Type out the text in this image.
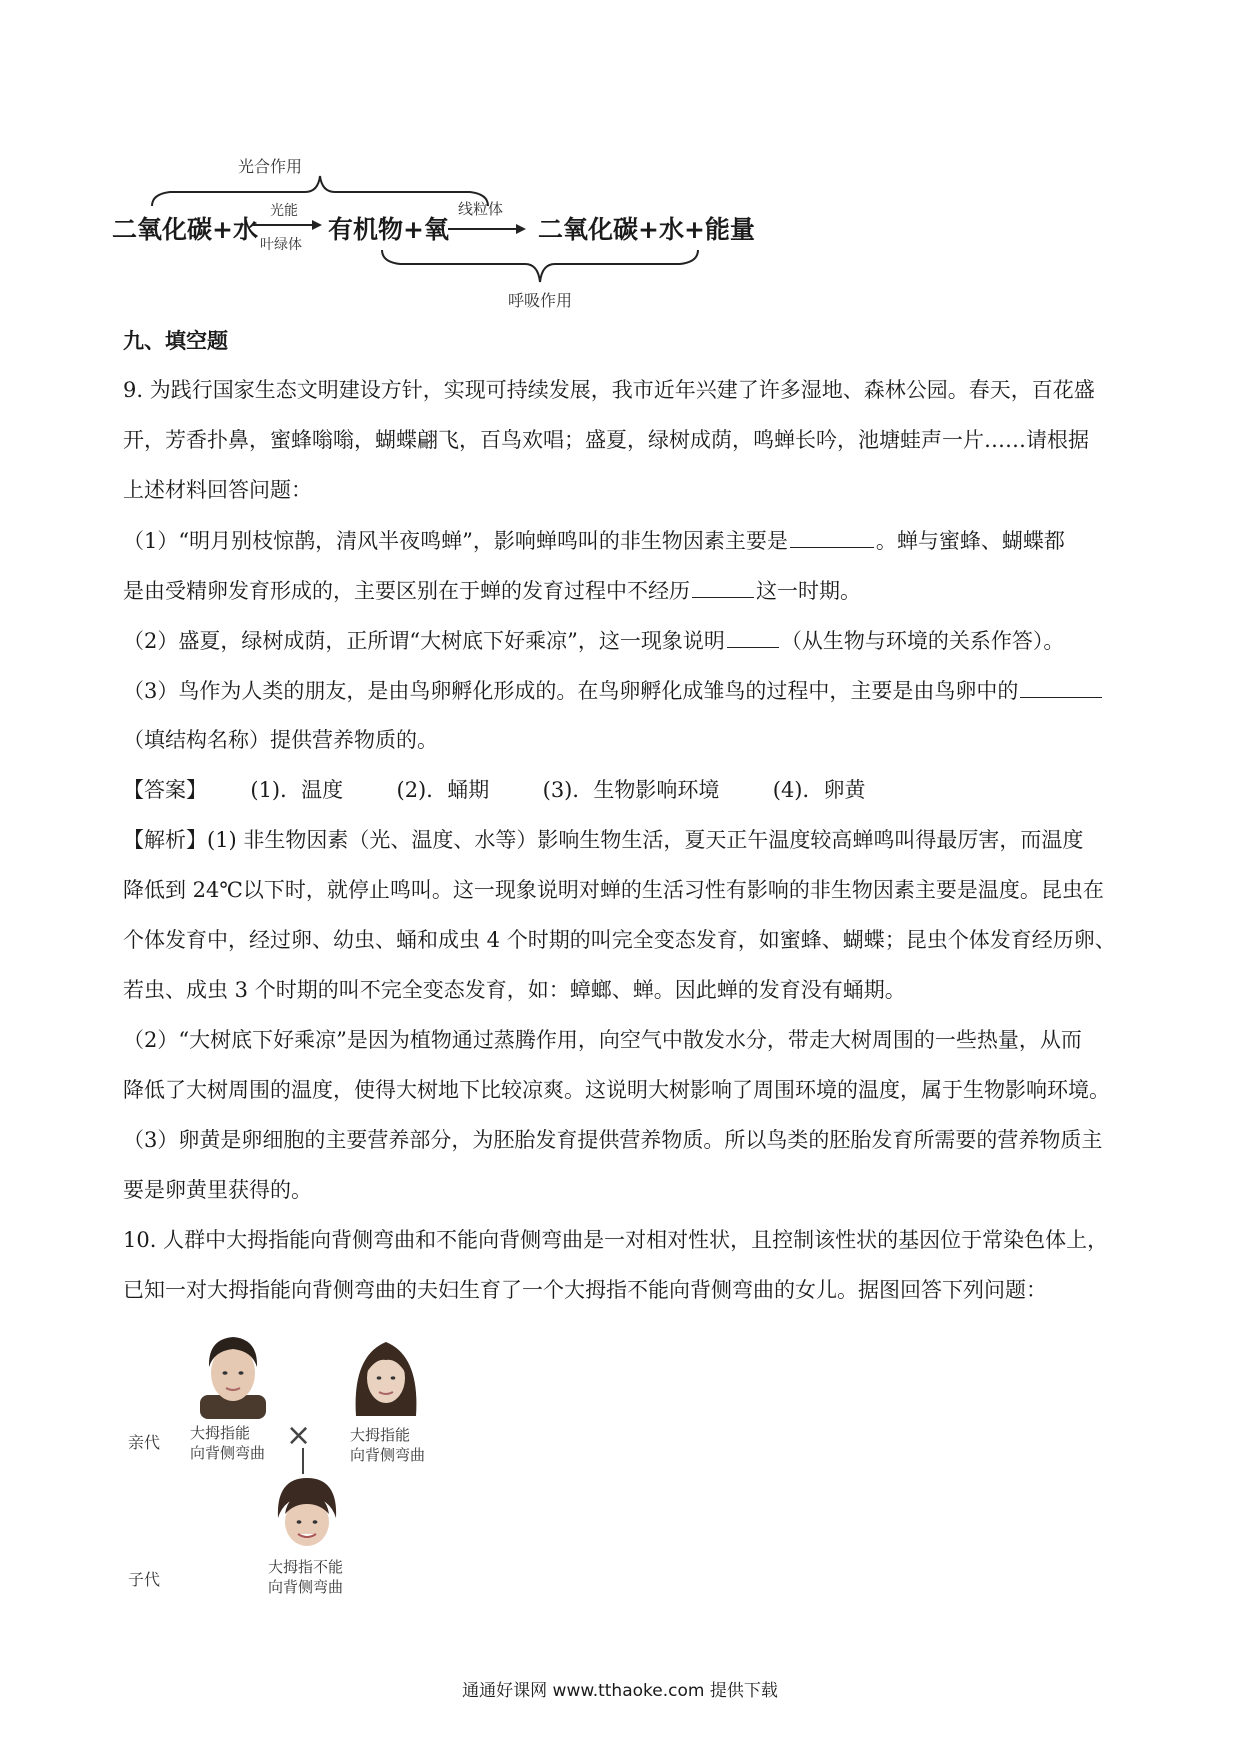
光合作用
二氧化碳+水
光能
叶绿体
有机物+氧
线粒体
二氧化碳+水+能量
呼吸作用
九、填空题
9. 为践行国家生态文明建设方针，实现可持续发展，我市近年兴建了许多湿地、森林公园。春天，百花盛
开，芳香扑鼻，蜜蜂嗡嗡，蝴蝶翩飞，百鸟欢唱；盛夏，绿树成荫，鸣蝉长吟，池塘蛙声一片……请根据
上述材料回答问题：
（1）“明月别枝惊鹊，清风半夜鸣蝉”，影响蝉鸣叫的非生物因素主要是	。蝉与蜜蜂、蝴蝶都
是由受精卵发育形成的，主要区别在于蝉的发育过程中不经历	这一时期。
（2）盛夏，绿树成荫，正所谓“大树底下好乘凉”，这一现象说明	（从生物与环境的关系作答）。
（3）鸟作为人类的朋友，是由鸟卵孵化形成的。在鸟卵孵化成雏鸟的过程中，主要是由鸟卵中的
（填结构名称）提供营养物质的。
【答案】 (1)．温度	(2)．蛹期	(3)．生物影响环境	(4)．卵黄
【解析】(1) 非生物因素（光、温度、水等）影响生物生活，夏天正午温度较高蝉鸣叫得最厉害，而温度
降低到 24℃以下时，就停止鸣叫。这一现象说明对蝉的生活习性有影响的非生物因素主要是温度。昆虫在
个体发育中，经过卵、幼虫、蛹和成虫 4 个时期的叫完全变态发育，如蜜蜂、蝴蝶；昆虫个体发育经历卵、
若虫、成虫 3 个时期的叫不完全变态发育，如：蟑螂、蝉。因此蝉的发育没有蛹期。
（2）“大树底下好乘凉”是因为植物通过蒸腾作用，向空气中散发水分，带走大树周围的一些热量，从而
降低了大树周围的温度，使得大树地下比较凉爽。这说明大树影响了周围环境的温度，属于生物影响环境。
（3）卵黄是卵细胞的主要营养部分，为胚胎发育提供营养物质。所以鸟类的胚胎发育所需要的营养物质主
要是卵黄里获得的。
10. 人群中大拇指能向背侧弯曲和不能向背侧弯曲是一对相对性状，且控制该性状的基因位于常染色体上，
已知一对大拇指能向背侧弯曲的夫妇生育了一个大拇指不能向背侧弯曲的女儿。据图回答下列问题：
亲代
子代
大拇指能
向背侧弯曲
大拇指能
向背侧弯曲
×
大拇指不能
向背侧弯曲
通通好课网 www.tthaoke.com 提供下载
